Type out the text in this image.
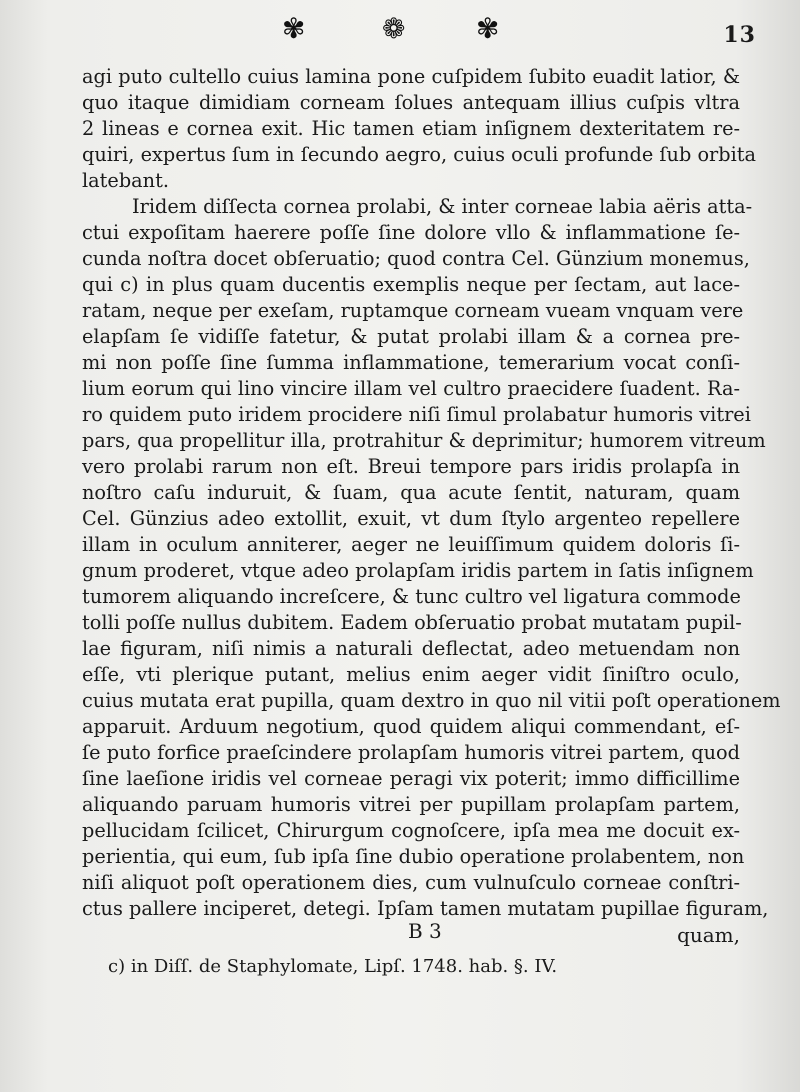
✾	❁	✾	13
agi puto cultello cuius lamina pone cuſpidem ſubito euadit latior, &
quo itaque dimidiam corneam ſolues antequam illius cuſpis vltra
2 lineas e cornea exit. Hic tamen etiam inſignem dexteritatem re-
quiri, expertus ſum in ſecundo aegro, cuius oculi profunde ſub orbita
latebant.
Iridem diſſecta cornea prolabi, & inter corneae labia aëris atta-
ctui expoſitam haerere poſſe ſine dolore vllo & inflammatione ſe-
cunda noſtra docet obſeruatio; quod contra Cel. Günzium monemus,
qui c) in plus quam ducentis exemplis neque per ſectam, aut lace-
ratam, neque per exeſam, ruptamque corneam vueam vnquam vere
elapſam ſe vidiſſe fatetur, & putat prolabi illam & a cornea pre-
mi non poſſe ſine ſumma inflammatione, temerarium vocat conſi-
lium eorum qui lino vincire illam vel cultro praecidere ſuadent. Ra-
ro quidem puto iridem procidere niſi ſimul prolabatur humoris vitrei
pars, qua propellitur illa, protrahitur & deprimitur; humorem vitreum
vero prolabi rarum non eſt. Breui tempore pars iridis prolapſa in
noſtro caſu induruit, & ſuam, qua acute ſentit, naturam, quam
Cel. Günzius adeo extollit, exuit, vt dum ſtylo argenteo repellere
illam in oculum anniterer, aeger ne leuiſſimum quidem doloris ſi-
gnum proderet, vtque adeo prolapſam iridis partem in ſatis inſignem
tumorem aliquando increſcere, & tunc cultro vel ligatura commode
tolli poſſe nullus dubitem. Eadem obſeruatio probat mutatam pupil-
lae figuram, niſi nimis a naturali deflectat, adeo metuendam non
eſſe, vti plerique putant, melius enim aeger vidit ſiniſtro oculo,
cuius mutata erat pupilla, quam dextro in quo nil vitii poſt operationem
apparuit. Arduum negotium, quod quidem aliqui commendant, eſ-
ſe puto forfice praeſcindere prolapſam humoris vitrei partem, quod
ſine laeſione iridis vel corneae peragi vix poterit; immo difficillime
aliquando paruam humoris vitrei per pupillam prolapſam partem,
pellucidam ſcilicet, Chirurgum cognoſcere, ipſa mea me docuit ex-
perientia, qui eum, ſub ipſa ſine dubio operatione prolabentem, non
niſi aliquot poſt operationem dies, cum vulnuſculo corneae conſtri-
ctus pallere inciperet, detegi. Ipſam tamen mutatam pupillae figuram,
B 3	quam,
c) in Diſſ. de Staphylomate, Lipſ. 1748. hab. §. IV.
